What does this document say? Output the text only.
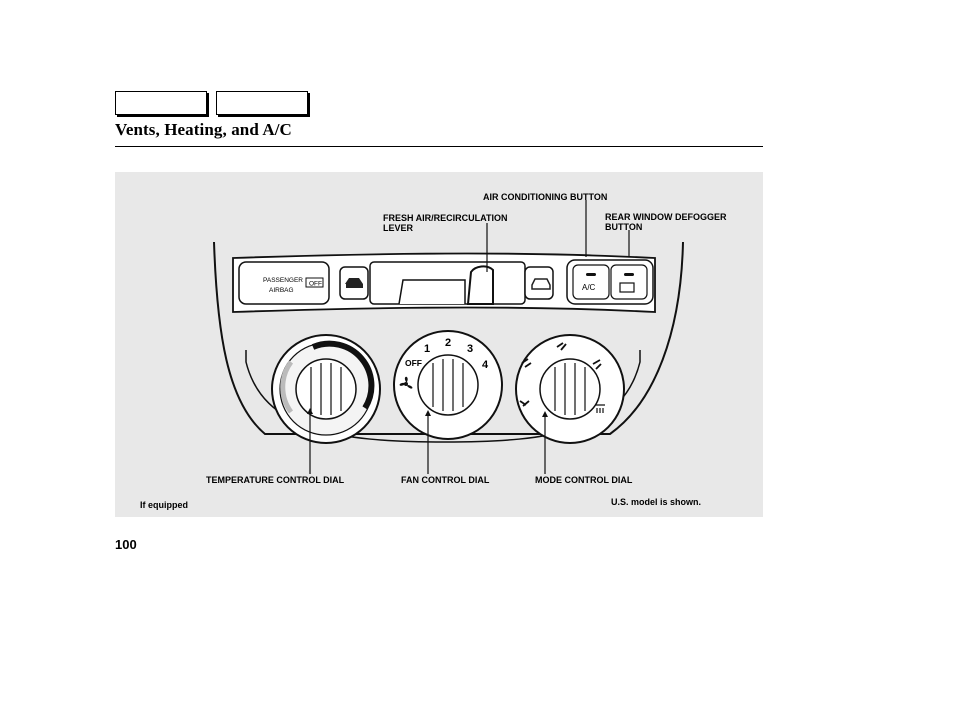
Vents, Heating, and A/C
PASSENGER
AIRBAG
OFF	A/C
OFF
1 2 3
4
AIR CONDITIONING BUTTON
FRESH AIR/RECIRCULATION
LEVER
REAR WINDOW DEFOGGER
BUTTON
TEMPERATURE CONTROL DIAL	FAN CONTROL DIAL	MODE CONTROL DIAL
If equipped	U.S. model is shown.
100
